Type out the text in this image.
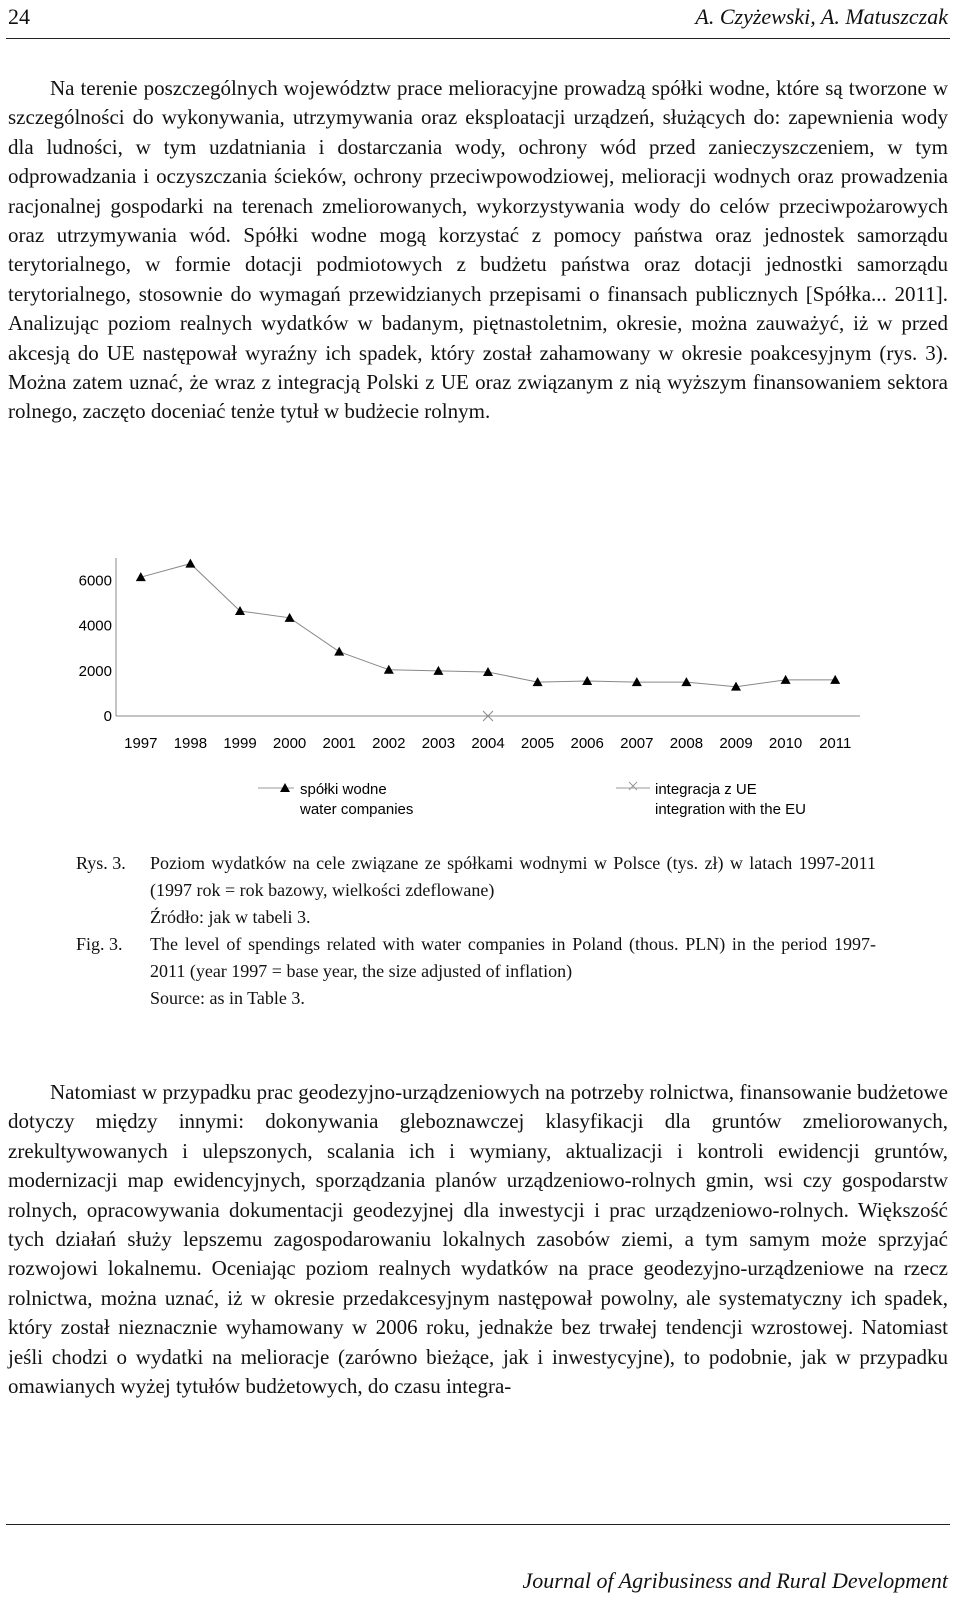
24	A. Czyżewski, A. Matuszczak

Na terenie poszczególnych województw prace melioracyjne prowadzą spółki wodne, które są tworzone w szczególności do wykonywania, utrzymywania oraz eksploatacji urządzeń, służących do: zapewnienia wody dla ludności, w tym uzdatniania i dostarczania wody, ochrony wód przed zanieczyszczeniem, w tym odprowadzania i oczyszczania ścieków, ochrony przeciwpowodziowej, melioracji wodnych oraz prowadzenia racjonalnej gospodarki na terenach zmeliorowanych, wykorzystywania wody do celów przeciwpożarowych oraz utrzymywania wód. Spółki wodne mogą korzystać z pomocy państwa oraz jednostek samorządu terytorialnego, w formie dotacji podmiotowych z budżetu państwa oraz dotacji jednostki samorządu terytorialnego, stosownie do wymagań przewidzianych przepisami o finansach publicznych [Spółka... 2011]. Analizując poziom realnych wydatków w badanym, piętnastoletnim, okresie, można zauważyć, iż w przed akcesją do UE następował wyraźny ich spadek, który został zahamowany w okresie poakcesyjnym (rys. 3). Można zatem uznać, że wraz z integracją Polski z UE oraz związanym z nią wyższym finansowaniem sektora rolnego, zaczęto doceniać tenże tytuł w budżecie rolnym.

0
2000
4000
6000
1997 1998 1999 2000 2001 2002 2003 2004 2005 2006 2007 2008 2009 2010 2011
spółki wodne
water companies
integracja z UE
integration with the EU
Rys. 3.	Poziom wydatków na cele związane ze spółkami wodnymi w Polsce (tys. zł) w latach 1997-2011 (1997 rok = rok bazowy, wielkości zdeflowane)
Źródło: jak w tabeli 3.
Fig. 3.	The level of spendings related with water companies in Poland (thous. PLN) in the period 1997-2011 (year 1997 = base year, the size adjusted of inflation)
Source: as in Table 3.

Natomiast w przypadku prac geodezyjno-urządzeniowych na potrzeby rolnictwa, finansowanie budżetowe dotyczy między innymi: dokonywania gleboznawczej klasyfikacji dla gruntów zmeliorowanych, zrekultywowanych i ulepszonych, scalania ich i wymiany, aktualizacji i kontroli ewidencji gruntów, modernizacji map ewidencyjnych, sporządzania planów urządzeniowo-rolnych gmin, wsi czy gospodarstw rolnych, opracowywania dokumentacji geodezyjnej dla inwestycji i prac urządzeniowo-rolnych. Większość tych działań służy lepszemu zagospodarowaniu lokalnych zasobów ziemi, a tym samym może sprzyjać rozwojowi lokalnemu. Oceniając poziom realnych wydatków na prace geodezyjno-urządzeniowe na rzecz rolnictwa, można uznać, iż w okresie przedakcesyjnym następował powolny, ale systematyczny ich spadek, który został nieznacznie wyhamowany w 2006 roku, jednakże bez trwałej tendencji wzrostowej. Natomiast jeśli chodzi o wydatki na melioracje (zarówno bieżące, jak i inwestycyjne), to podobnie, jak w przypadku omawianych wyżej tytułów budżetowych, do czasu integra-

Journal of Agribusiness and Rural Development
